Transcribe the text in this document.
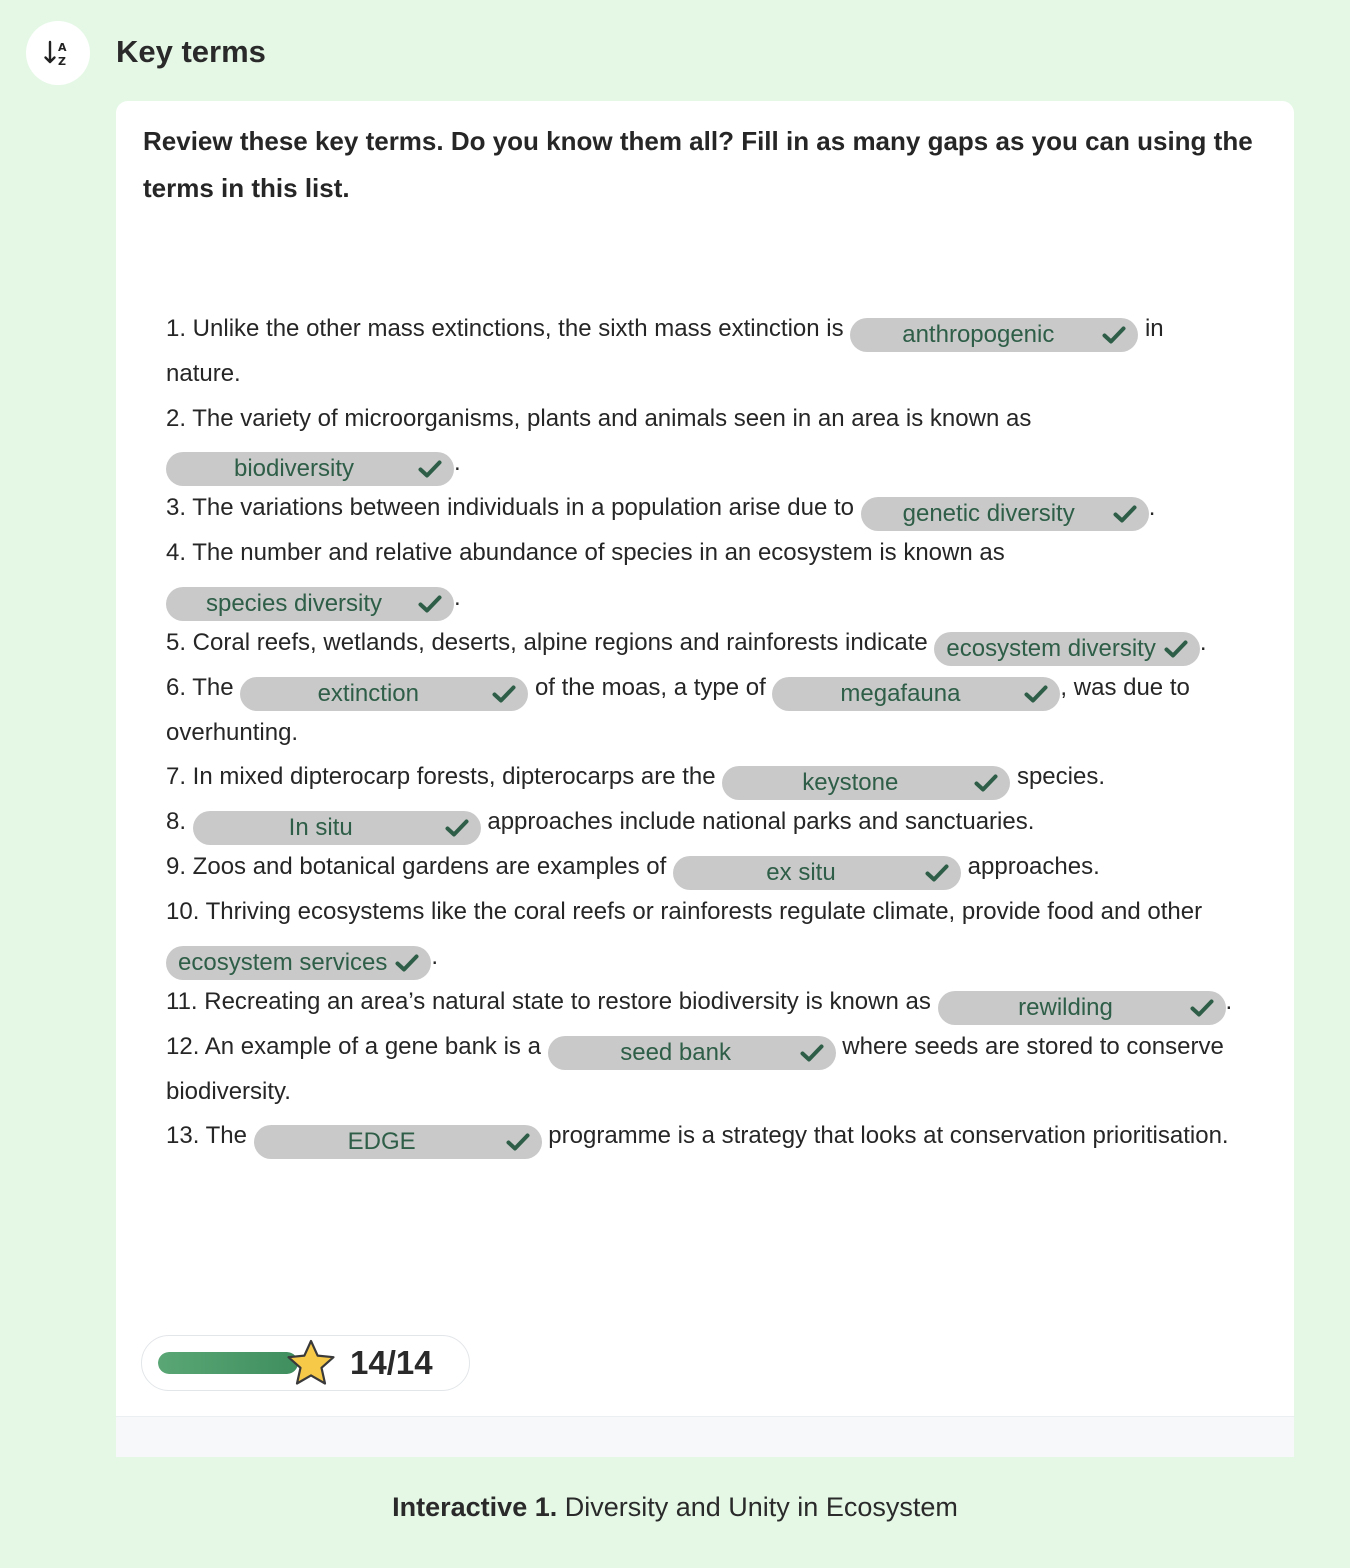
A
Z Key terms

Review these key terms. Do you know them all? Fill in as many gaps as you can using the terms in this list.

1. Unlike the other mass extinctions, the sixth mass extinction is anthropogenic	in nature.
2. The variety of microorganisms, plants and animals seen in an area is known as biodiversity	.
3. The variations between individuals in a population arise due to genetic diversity	.
4. The number and relative abundance of species in an ecosystem is known as species diversity	.
5. Coral reefs, wetlands, deserts, alpine regions and rainforests indicate ecosystem diversity .
6. The	extinction	of the moas, a type of	megafauna	, was due to overhunting.
7. In mixed dipterocarp forests, dipterocarps are the	keystone	species.
8.	In situ	approaches include national parks and sanctuaries.
9. Zoos and botanical gardens are examples of	ex situ	approaches.
10. Thriving ecosystems like the coral reefs or rainforests regulate climate, provide food and other ecosystem services .
11. Recreating an area’s natural state to restore biodiversity is known as	rewilding	.
12. An example of a gene bank is a	seed bank	where seeds are stored to conserve biodiversity.
13. The	EDGE	programme is a strategy that looks at conservation prioritisation.
14/14

Interactive 1. Diversity and Unity in Ecosystem
